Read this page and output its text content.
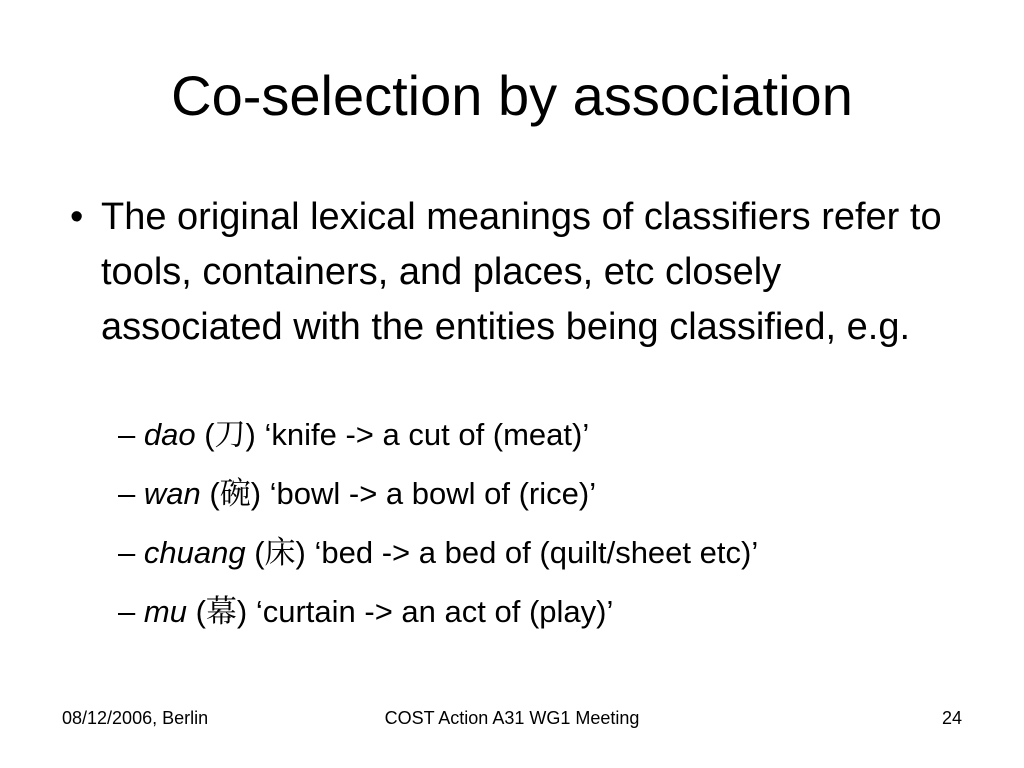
Co-selection by association
• The original lexical meanings of classifiers refer to tools, containers, and places, etc closely associated with the entities being classified, e.g.
– dao (刀) ‘knife -> a cut of (meat)’
– wan (碗) ‘bowl -> a bowl of (rice)’
– chuang (床) ‘bed -> a bed of (quilt/sheet etc)’
– mu (幕) ‘curtain -> an act of (play)’
08/12/2006, Berlin	COST Action A31 WG1 Meeting	24
